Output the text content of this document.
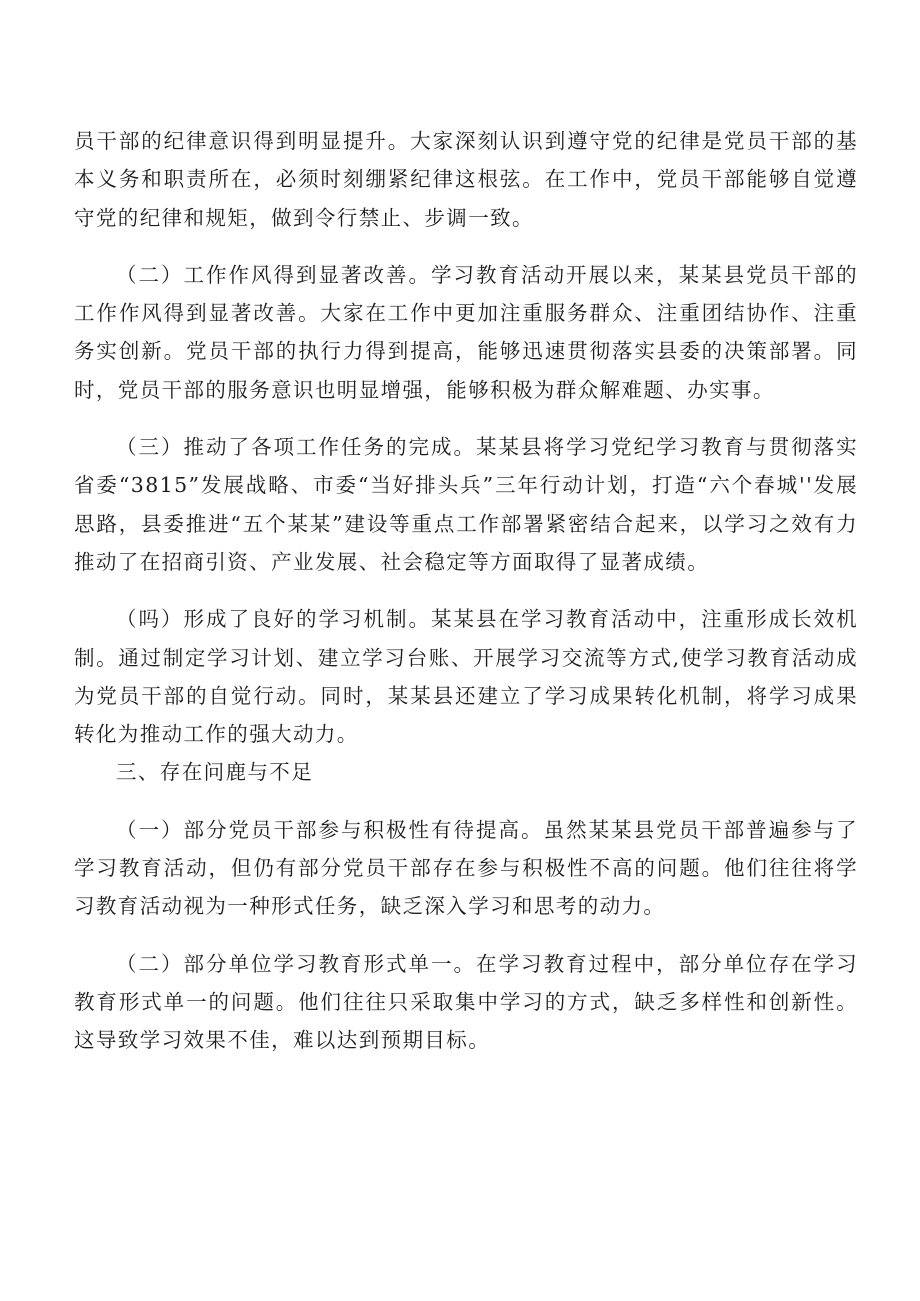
员干部的纪律意识得到明显提升。大家深刻认识到遵守党的纪律是党员干部的基本义务和职责所在，必须时刻绷紧纪律这根弦。在工作中，党员干部能够自觉遵守党的纪律和规矩，做到令行禁止、步调一致。

（二）工作作风得到显著改善。学习教育活动开展以来，某某县党员干部的工作作风得到显著改善。大家在工作中更加注重服务群众、注重团结协作、注重务实创新。党员干部的执行力得到提高，能够迅速贯彻落实县委的决策部署。同时，党员干部的服务意识也明显增强，能够积极为群众解难题、办实事。

（三）推动了各项工作任务的完成。某某县将学习党纪学习教育与贯彻落实省委“3815”发展战略、市委“当好排头兵”三年行动计划，打造“六个春城''发展思路，县委推进“五个某某”建设等重点工作部署紧密结合起来，以学习之效有力推动了在招商引资、产业发展、社会稳定等方面取得了显著成绩。

（吗）形成了良好的学习机制。某某县在学习教育活动中，注重形成长效机制。通过制定学习计划、建立学习台账、开展学习交流等方式,使学习教育活动成为党员干部的自觉行动。同时，某某县还建立了学习成果转化机制，将学习成果转化为推动工作的强大动力。

三、存在问鹿与不足

（一）部分党员干部参与积极性有待提高。虽然某某县党员干部普遍参与了学习教育活动，但仍有部分党员干部存在参与积极性不高的问题。他们往往将学习教育活动视为一种形式任务，缺乏深入学习和思考的动力。

（二）部分单位学习教育形式单一。在学习教育过程中，部分单位存在学习教育形式单一的问题。他们往往只采取集中学习的方式，缺乏多样性和创新性。这导致学习效果不佳，难以达到预期目标。
